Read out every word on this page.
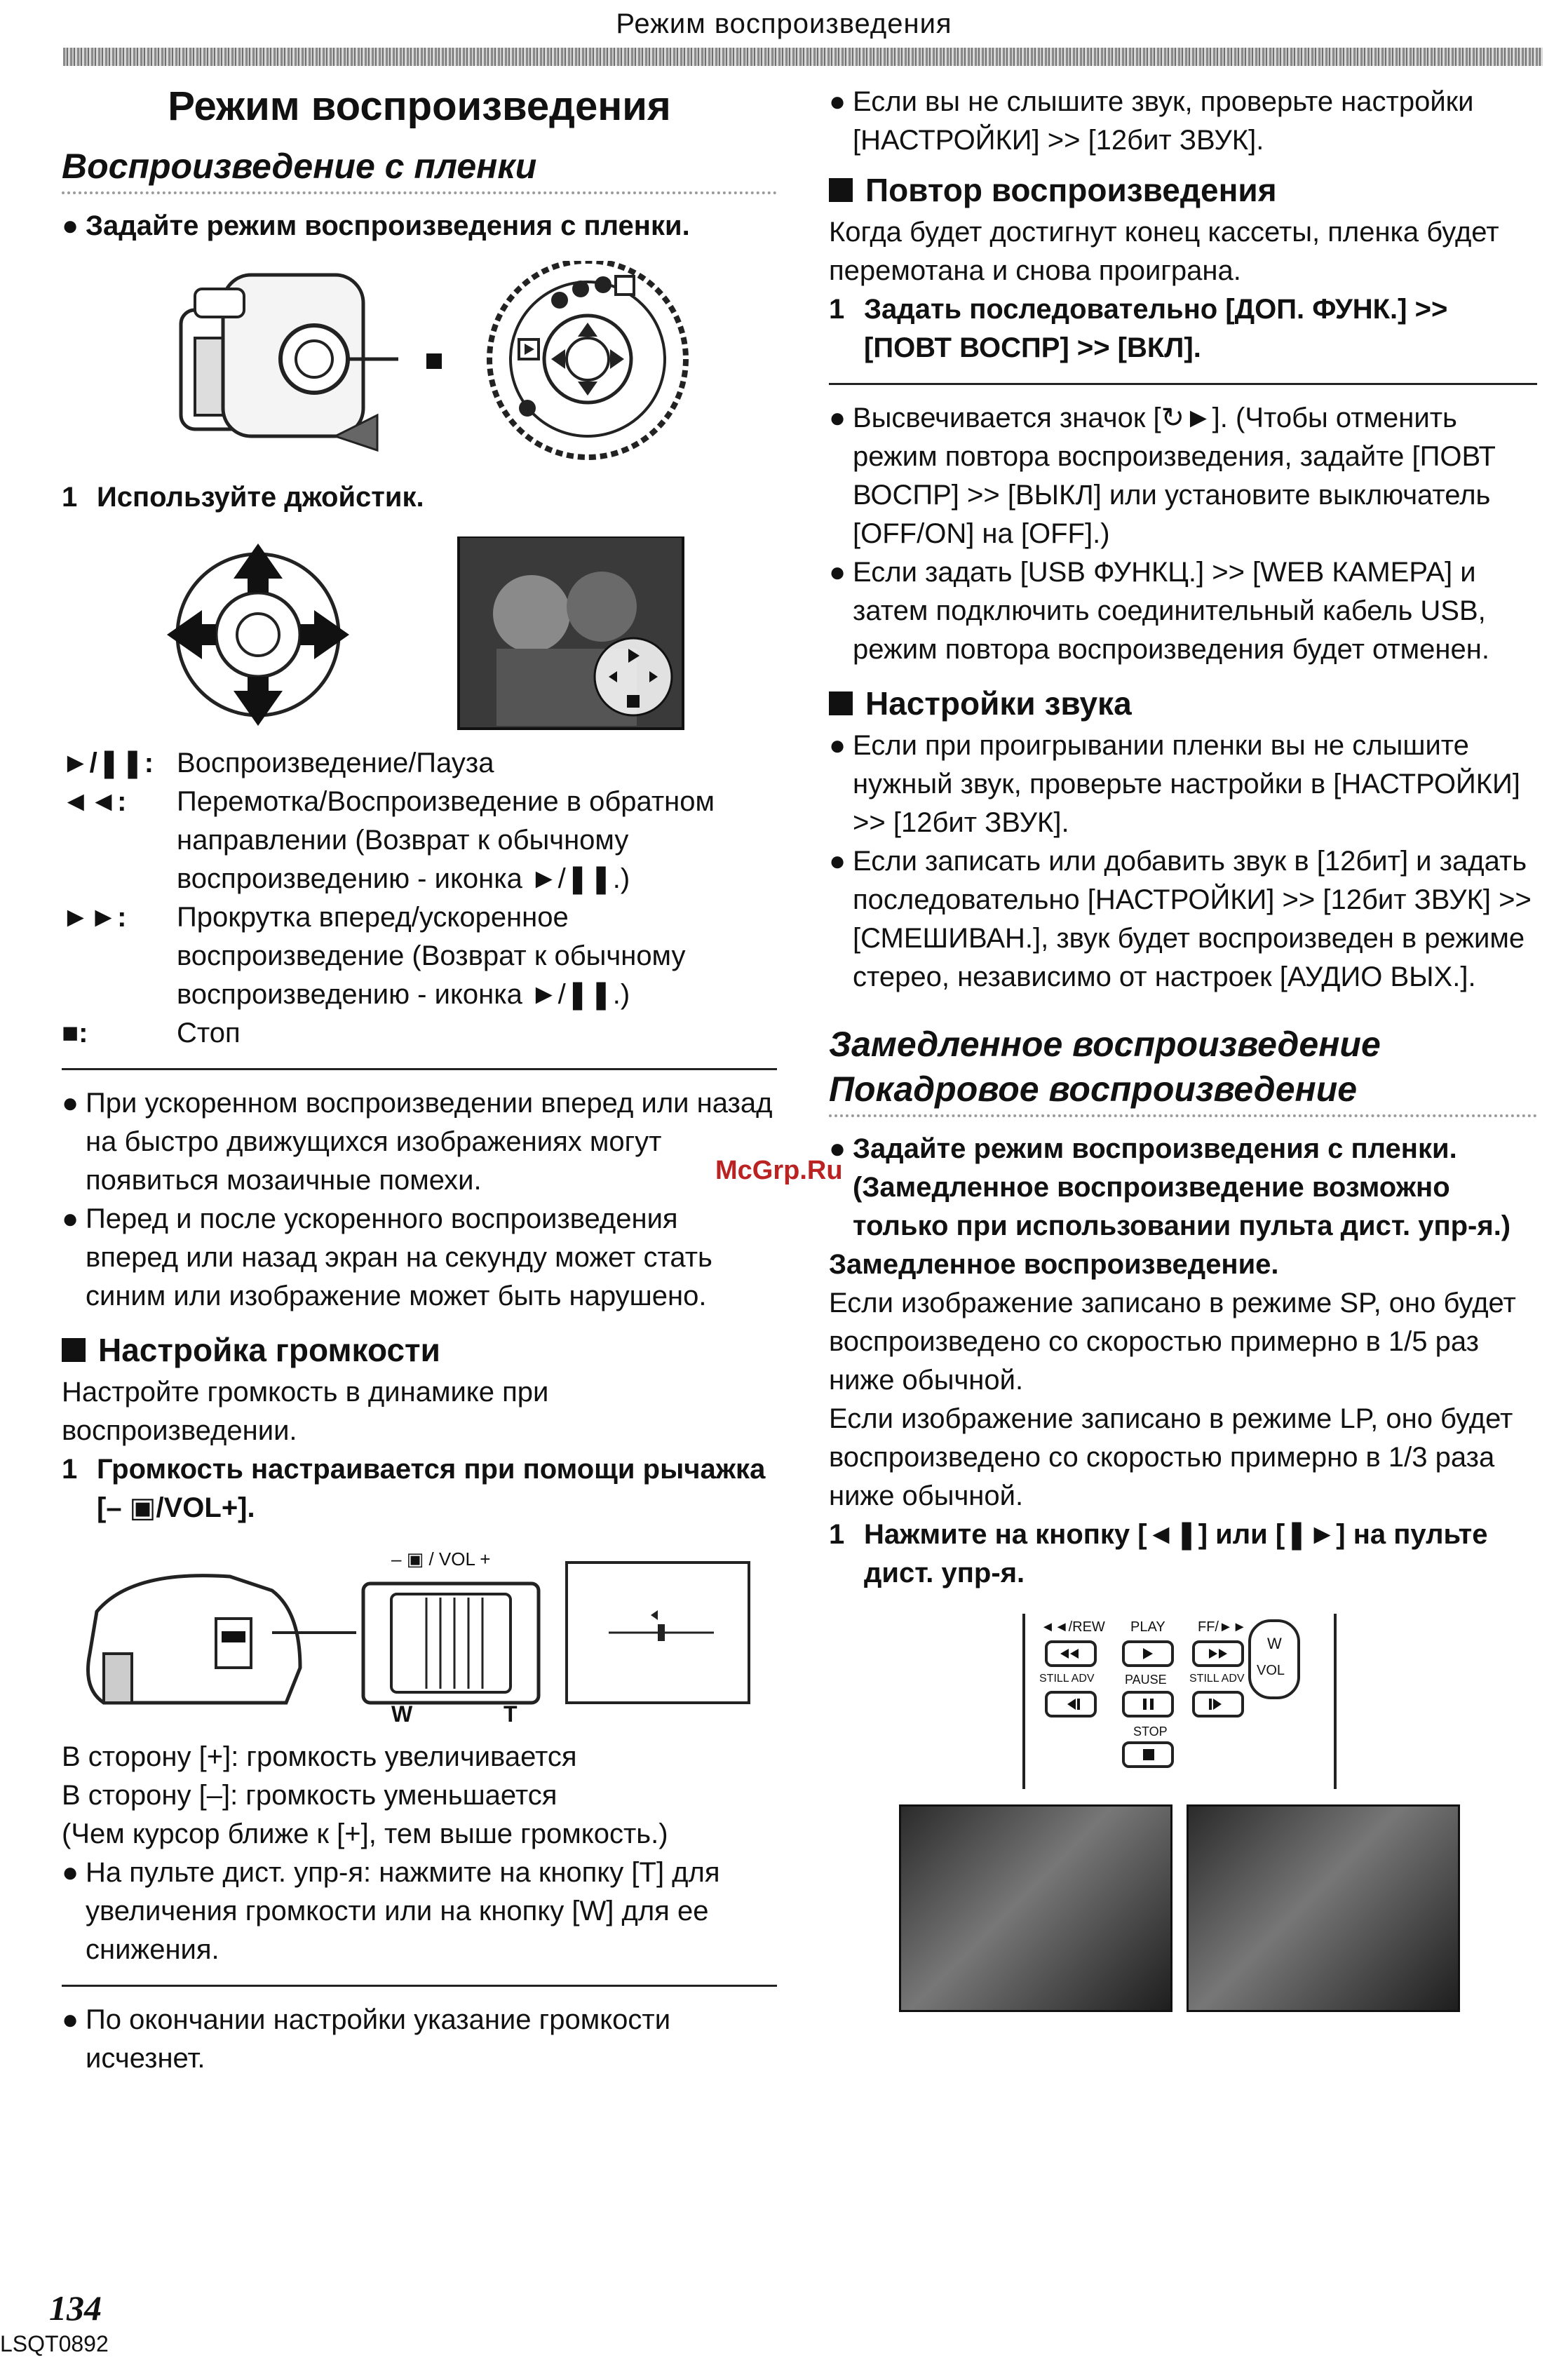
Режим воспроизведения
Режим воспроизведения
Воспроизведение с пленки

● Задайте режим воспроизведения с пленки.

1 Используйте джойстик.

►/❚❚: Воспроизведение/Пауза
◄◄:	Перемотка/Воспроизведение в обратном направлении (Возврат к обычному воспроизведению - иконка ►/❚❚.)
►►:	Прокрутка вперед/ускоренное воспроизведение (Возврат к обычному воспроизведению - иконка ►/❚❚.)
■:	Стоп

● При ускоренном воспроизведении вперед или назад на быстро движущихся изображениях могут появиться мозаичные помехи.

● Перед и после ускоренного воспроизведения вперед или назад экран на секунду может стать синим или изображение может быть нарушено.

Настройка громкости

Настройте громкость в динамике при воспроизведении.

1 Громкость настраивается при помощи рычажка [– ▣/VOL+].

– ▣ / VOL +
W	T

В сторону [+]: громкость увеличивается

В сторону [–]: громкость уменьшается

(Чем курсор ближе к [+], тем выше громкость.)

● На пульте дист. упр-я: нажмите на кнопку [T] для увеличения громкости или на кнопку [W] для ее снижения.

● По окончании настройки указание громкости исчезнет.

● Если вы не слышите звук, проверьте настройки [НАСТРОЙКИ] >> [12бит ЗВУК].

Повтор воспроизведения

Когда будет достигнут конец кассеты, пленка будет перемотана и снова проиграна.

1 Задать последовательно [ДОП. ФУНК.] >> [ПОВТ ВОСПР] >> [ВКЛ].

● Высвечивается значок [↻►]. (Чтобы отменить режим повтора воспроизведения, задайте [ПОВТ ВОСПР] >> [ВЫКЛ] или установите выключатель [OFF/ON] на [OFF].)

● Если задать [USB ФУНКЦ.] >> [WEB КАМЕРА] и затем подключить соединительный кабель USB, режим повтора воспроизведения будет отменен.

Настройки звука

● Если при проигрывании пленки вы не слышите нужный звук, проверьте настройки в [НАСТРОЙКИ] >> [12бит ЗВУК].

● Если записать или добавить звук в [12бит] и задать последовательно [НАСТРОЙКИ] >> [12бит ЗВУК] >> [СМЕШИВАН.], звук будет воспроизведен в режиме стерео, независимо от настроек [АУДИО ВЫХ.].

Замедленное воспроизведение
Покадровое воспроизведение

● Задайте режим воспроизведения с пленки. (Замедленное воспроизведение возможно только при использовании пульта дист. упр-я.)

Замедленное воспроизведение.

Если изображение записано в режиме SP, оно будет воспроизведено со скоростью примерно в 1/5 раз ниже обычной.

Если изображение записано в режиме LP, оно будет воспроизведено со скоростью примерно в 1/3 раза ниже обычной.

1 Нажмите на кнопку [◄❚] или [❚►] на пульте дист. упр-я.

◄◄/REW PLAY FF/►►
STILL ADV PAUSE STILL ADV
STOP
W
VOL
McGrp.Ru
134
LSQT0892
